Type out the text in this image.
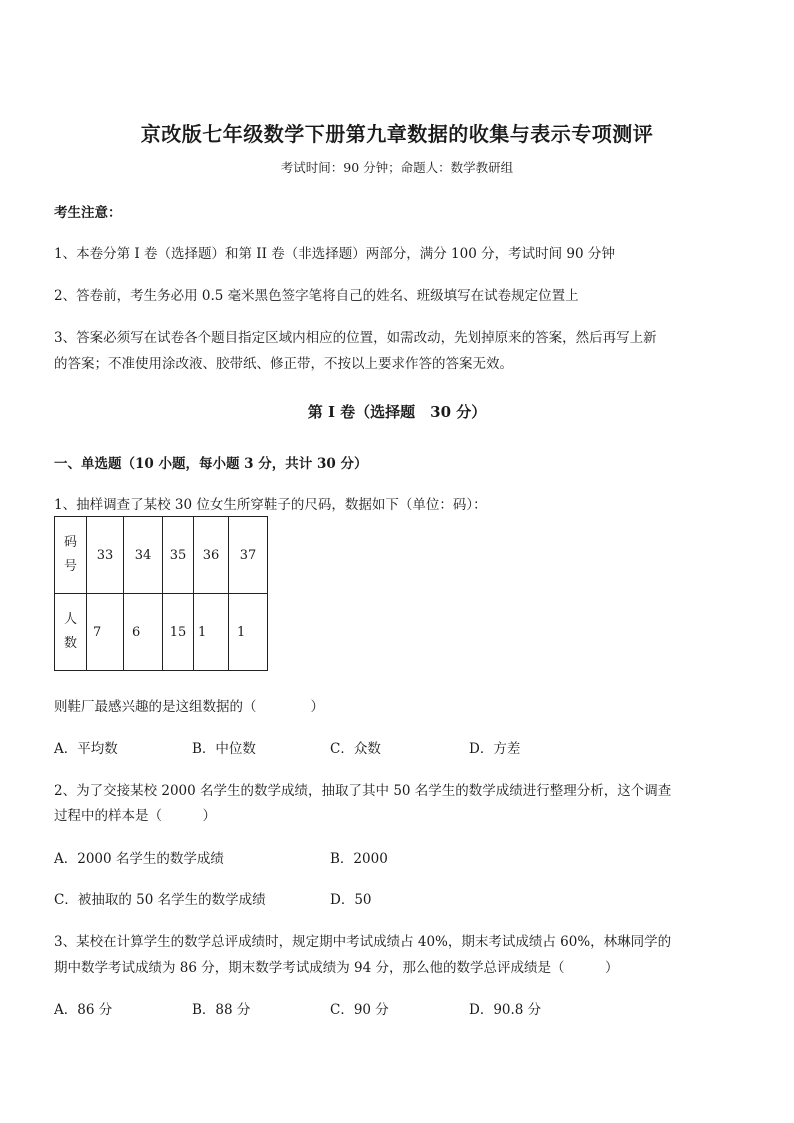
京改版七年级数学下册第九章数据的收集与表示专项测评
考试时间：90 分钟；命题人：数学教研组
考生注意：
1、本卷分第 I 卷（选择题）和第 II 卷（非选择题）两部分，满分 100 分，考试时间 90 分钟
2、答卷前，考生务必用 0.5 毫米黑色签字笔将自己的姓名、班级填写在试卷规定位置上
3、答案必须写在试卷各个题目指定区域内相应的位置，如需改动，先划掉原来的答案，然后再写上新
的答案；不准使用涂改液、胶带纸、修正带，不按以上要求作答的答案无效。
第 I 卷（选择题　30 分）
一、单选题（10 小题，每小题 3 分，共计 30 分）
1、抽样调查了某校 30 位女生所穿鞋子的尺码，数据如下（单位：码）：
码
号	33	34	35	36	37
人
数	7	6	15	1	1
则鞋厂最感兴趣的是这组数据的（　　　　）
A．平均数	B．中位数	C．众数	D．方差
2、为了交接某校 2000 名学生的数学成绩，抽取了其中 50 名学生的数学成绩进行整理分析，这个调查
过程中的样本是（　　　）
A．2000 名学生的数学成绩	B．2000
C．被抽取的 50 名学生的数学成绩	D．50
3、某校在计算学生的数学总评成绩时，规定期中考试成绩占 40%，期末考试成绩占 60%，林琳同学的
期中数学考试成绩为 86 分，期末数学考试成绩为 94 分，那么他的数学总评成绩是（　　　）
A．86 分	B．88 分	C．90 分	D．90.8 分
